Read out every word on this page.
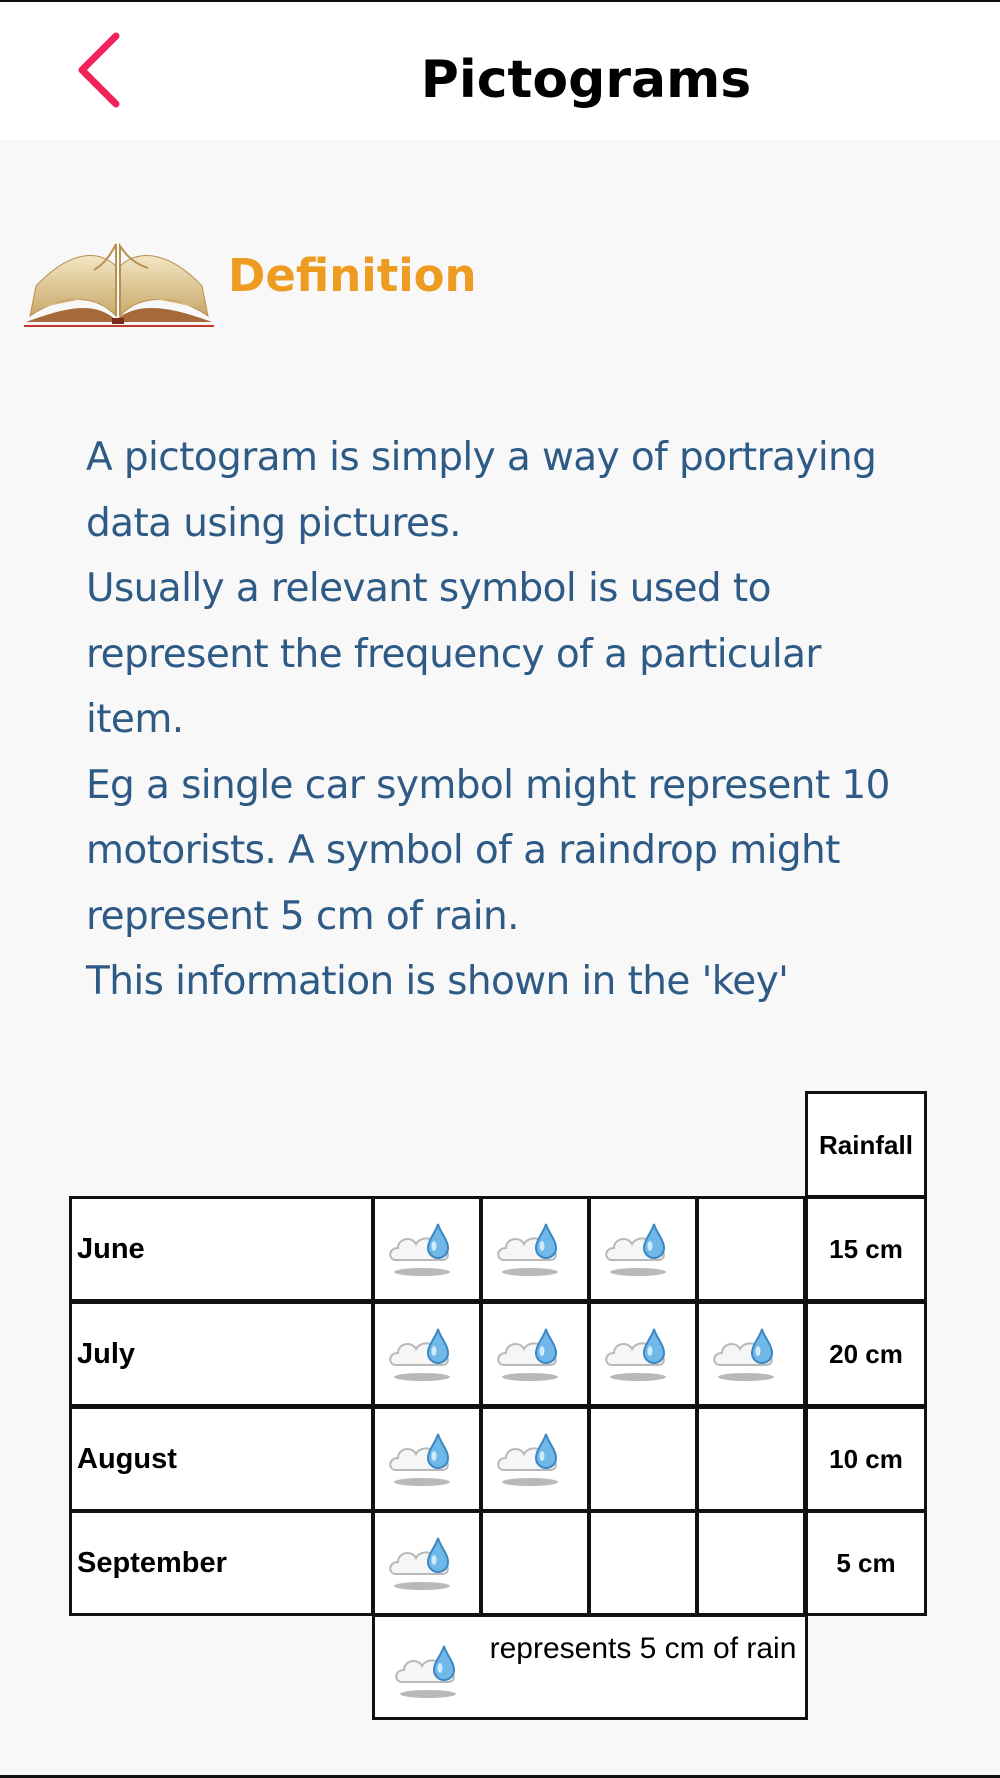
Pictograms
Definition

A pictogram is simply a way of portraying

data using pictures.

Usually a relevant symbol is used to

represent the frequency of a particular

item.

Eg a single car symbol might represent 10

motorists. A symbol of a raindrop might

represent 5 cm of rain.

This information is shown in the 'key'

Rainfall
June	15 cm
July	20 cm
August	10 cm
September	5 cm
represents 5 cm of rain
